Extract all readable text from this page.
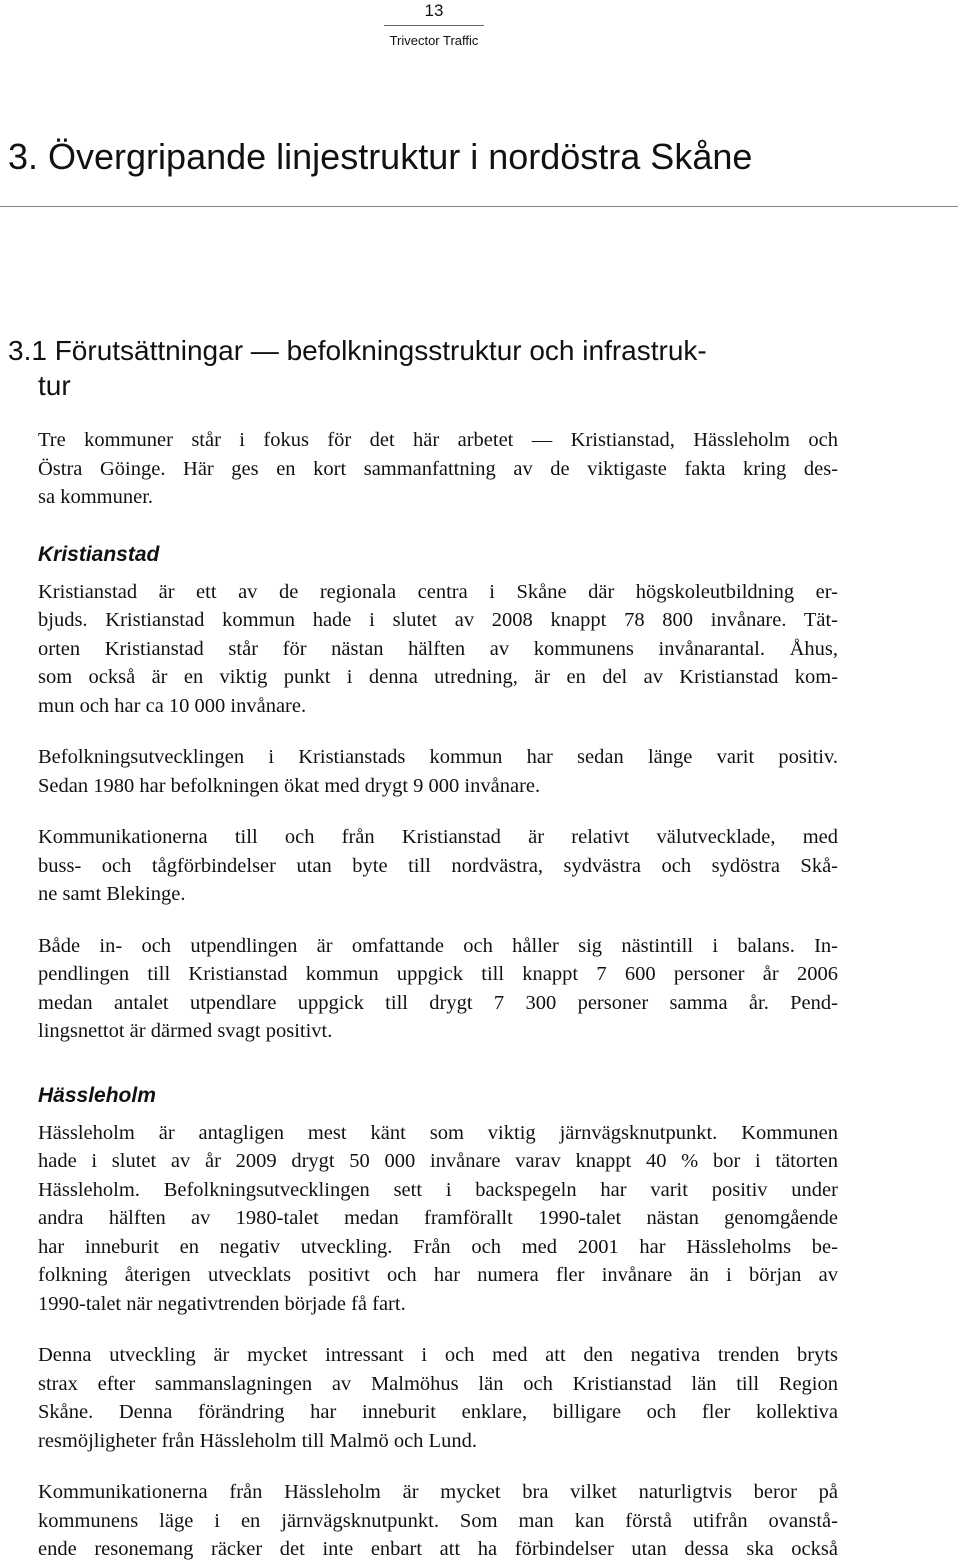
13
Trivector Traffic
3. Övergripande linjestruktur i nordöstra Skåne
3.1 Förutsättningar — befolkningsstruktur och infrastruk-
tur

Tre kommuner står i fokus för det här arbetet — Kristianstad, Hässleholm och
Östra Göinge. Här ges en kort sammanfattning av de viktigaste fakta kring des-
sa kommuner.

Kristianstad

Kristianstad är ett av de regionala centra i Skåne där högskoleutbildning er-
bjuds. Kristianstad kommun hade i slutet av 2008 knappt 78 800 invånare. Tät-
orten Kristianstad står för nästan hälften av kommunens invånarantal. Åhus,
som också är en viktig punkt i denna utredning, är en del av Kristianstad kom-
mun och har ca 10 000 invånare.

Befolkningsutvecklingen i Kristianstads kommun har sedan länge varit positiv.
Sedan 1980 har befolkningen ökat med drygt 9 000 invånare.

Kommunikationerna till och från Kristianstad är relativt välutvecklade, med
buss- och tågförbindelser utan byte till nordvästra, sydvästra och sydöstra Skå-
ne samt Blekinge.

Både in- och utpendlingen är omfattande och håller sig nästintill i balans. In-
pendlingen till Kristianstad kommun uppgick till knappt 7 600 personer år 2006
medan antalet utpendlare uppgick till drygt 7 300 personer samma år. Pend-
lingsnettot är därmed svagt positivt.

Hässleholm

Hässleholm är antagligen mest känt som viktig järnvägsknutpunkt. Kommunen
hade i slutet av år 2009 drygt 50 000 invånare varav knappt 40 % bor i tätorten
Hässleholm. Befolkningsutvecklingen sett i backspegeln har varit positiv under
andra hälften av 1980-talet medan framförallt 1990-talet nästan genomgående
har inneburit en negativ utveckling. Från och med 2001 har Hässleholms be-
folkning återigen utvecklats positivt och har numera fler invånare än i början av
1990-talet när negativtrenden började få fart.

Denna utveckling är mycket intressant i och med att den negativa trenden bryts
strax efter sammanslagningen av Malmöhus län och Kristianstad län till Region
Skåne. Denna förändring har inneburit enklare, billigare och fler kollektiva
resmöjligheter från Hässleholm till Malmö och Lund.

Kommunikationerna från Hässleholm är mycket bra vilket naturligtvis beror på
kommunens läge i en järnvägsknutpunkt. Som man kan förstå utifrån ovanstå-
ende resonemang räcker det inte enbart att ha förbindelser utan dessa ska också
